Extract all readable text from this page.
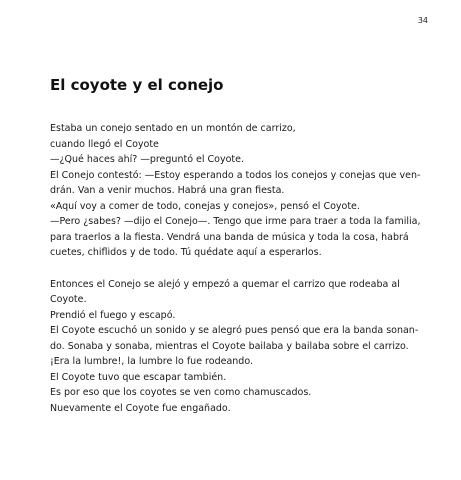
34
El coyote y el conejo

Estaba un conejo sentado en un montón de carrizo,
cuando llegó el Coyote
—¿Qué haces ahí? —preguntó el Coyote.
El Conejo contestó: —Estoy esperando a todos los conejos y conejas que ven-
drán. Van a venir muchos. Habrá una gran fiesta.
«Aquí voy a comer de todo, conejas y conejos», pensó el Coyote.
—Pero ¿sabes? —dijo el Conejo—. Tengo que irme para traer a toda la familia,
para traerlos a la fiesta. Vendrá una banda de música y toda la cosa, habrá
cuetes, chiflidos y de todo. Tú quédate aquí a esperarlos.

Entonces el Conejo se alejó y empezó a quemar el carrizo que rodeaba al
Coyote.
Prendió el fuego y escapó.
El Coyote escuchó un sonido y se alegró pues pensó que era la banda sonan-
do. Sonaba y sonaba, mientras el Coyote bailaba y bailaba sobre el carrizo.
¡Era la lumbre!, la lumbre lo fue rodeando.
El Coyote tuvo que escapar también.
Es por eso que los coyotes se ven como chamuscados.
Nuevamente el Coyote fue engañado.
